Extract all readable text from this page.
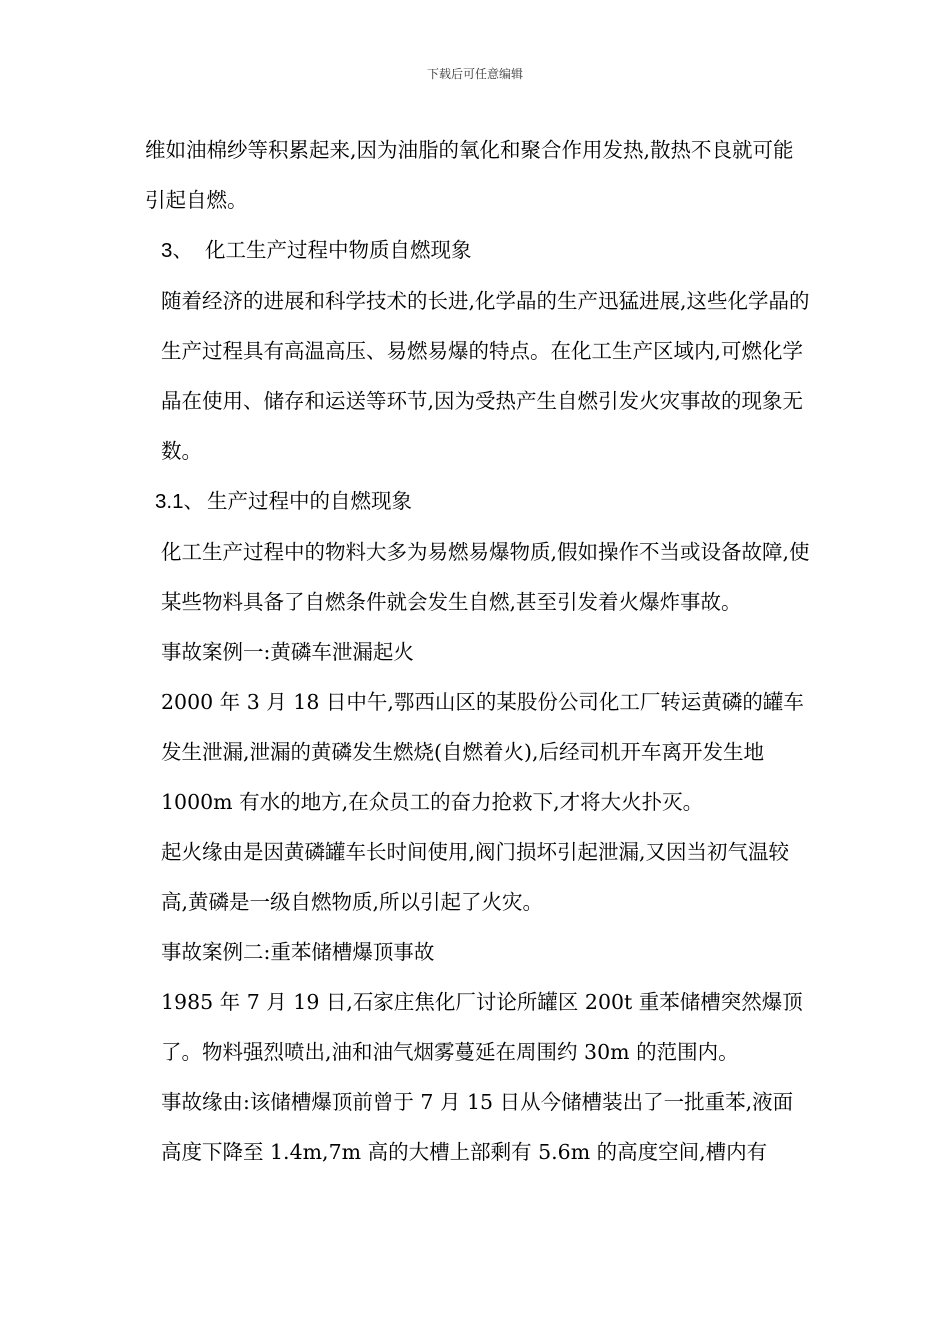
下载后可任意编辑

维如油棉纱等积累起来,因为油脂的氧化和聚合作用发热,散热不良就可能引起自燃。

3、 化工生产过程中物质自燃现象

随着经济的进展和科学技术的长进,化学晶的生产迅猛进展,这些化学晶的生产过程具有高温高压、易燃易爆的特点。在化工生产区域内,可燃化学晶在使用、储存和运送等环节,因为受热产生自燃引发火灾事故的现象无数。

3.1、 生产过程中的自燃现象

化工生产过程中的物料大多为易燃易爆物质,假如操作不当或设备故障,使某些物料具备了自燃条件就会发生自燃,甚至引发着火爆炸事故。

事故案例一:黄磷车泄漏起火

2000 年 3 月 18 日中午,鄂西山区的某股份公司化工厂转运黄磷的罐车发生泄漏,泄漏的黄磷发生燃烧(自燃着火),后经司机开车离开发生地 1000m 有水的地方,在众员工的奋力抢救下,才将大火扑灭。

起火缘由是因黄磷罐车长时间使用,阀门损坏引起泄漏,又因当初气温较高,黄磷是一级自燃物质,所以引起了火灾。

事故案例二:重苯储槽爆顶事故

1985 年 7 月 19 日,石家庄焦化厂讨论所罐区 200t 重苯储槽突然爆顶了。物料强烈喷出,油和油气烟雾蔓延在周围约 30m 的范围内。

事故缘由:该储槽爆顶前曾于 7 月 15 日从今储槽装出了一批重苯,液面高度下降至 1.4m,7m 高的大槽上部剩有 5.6m 的高度空间,槽内有
